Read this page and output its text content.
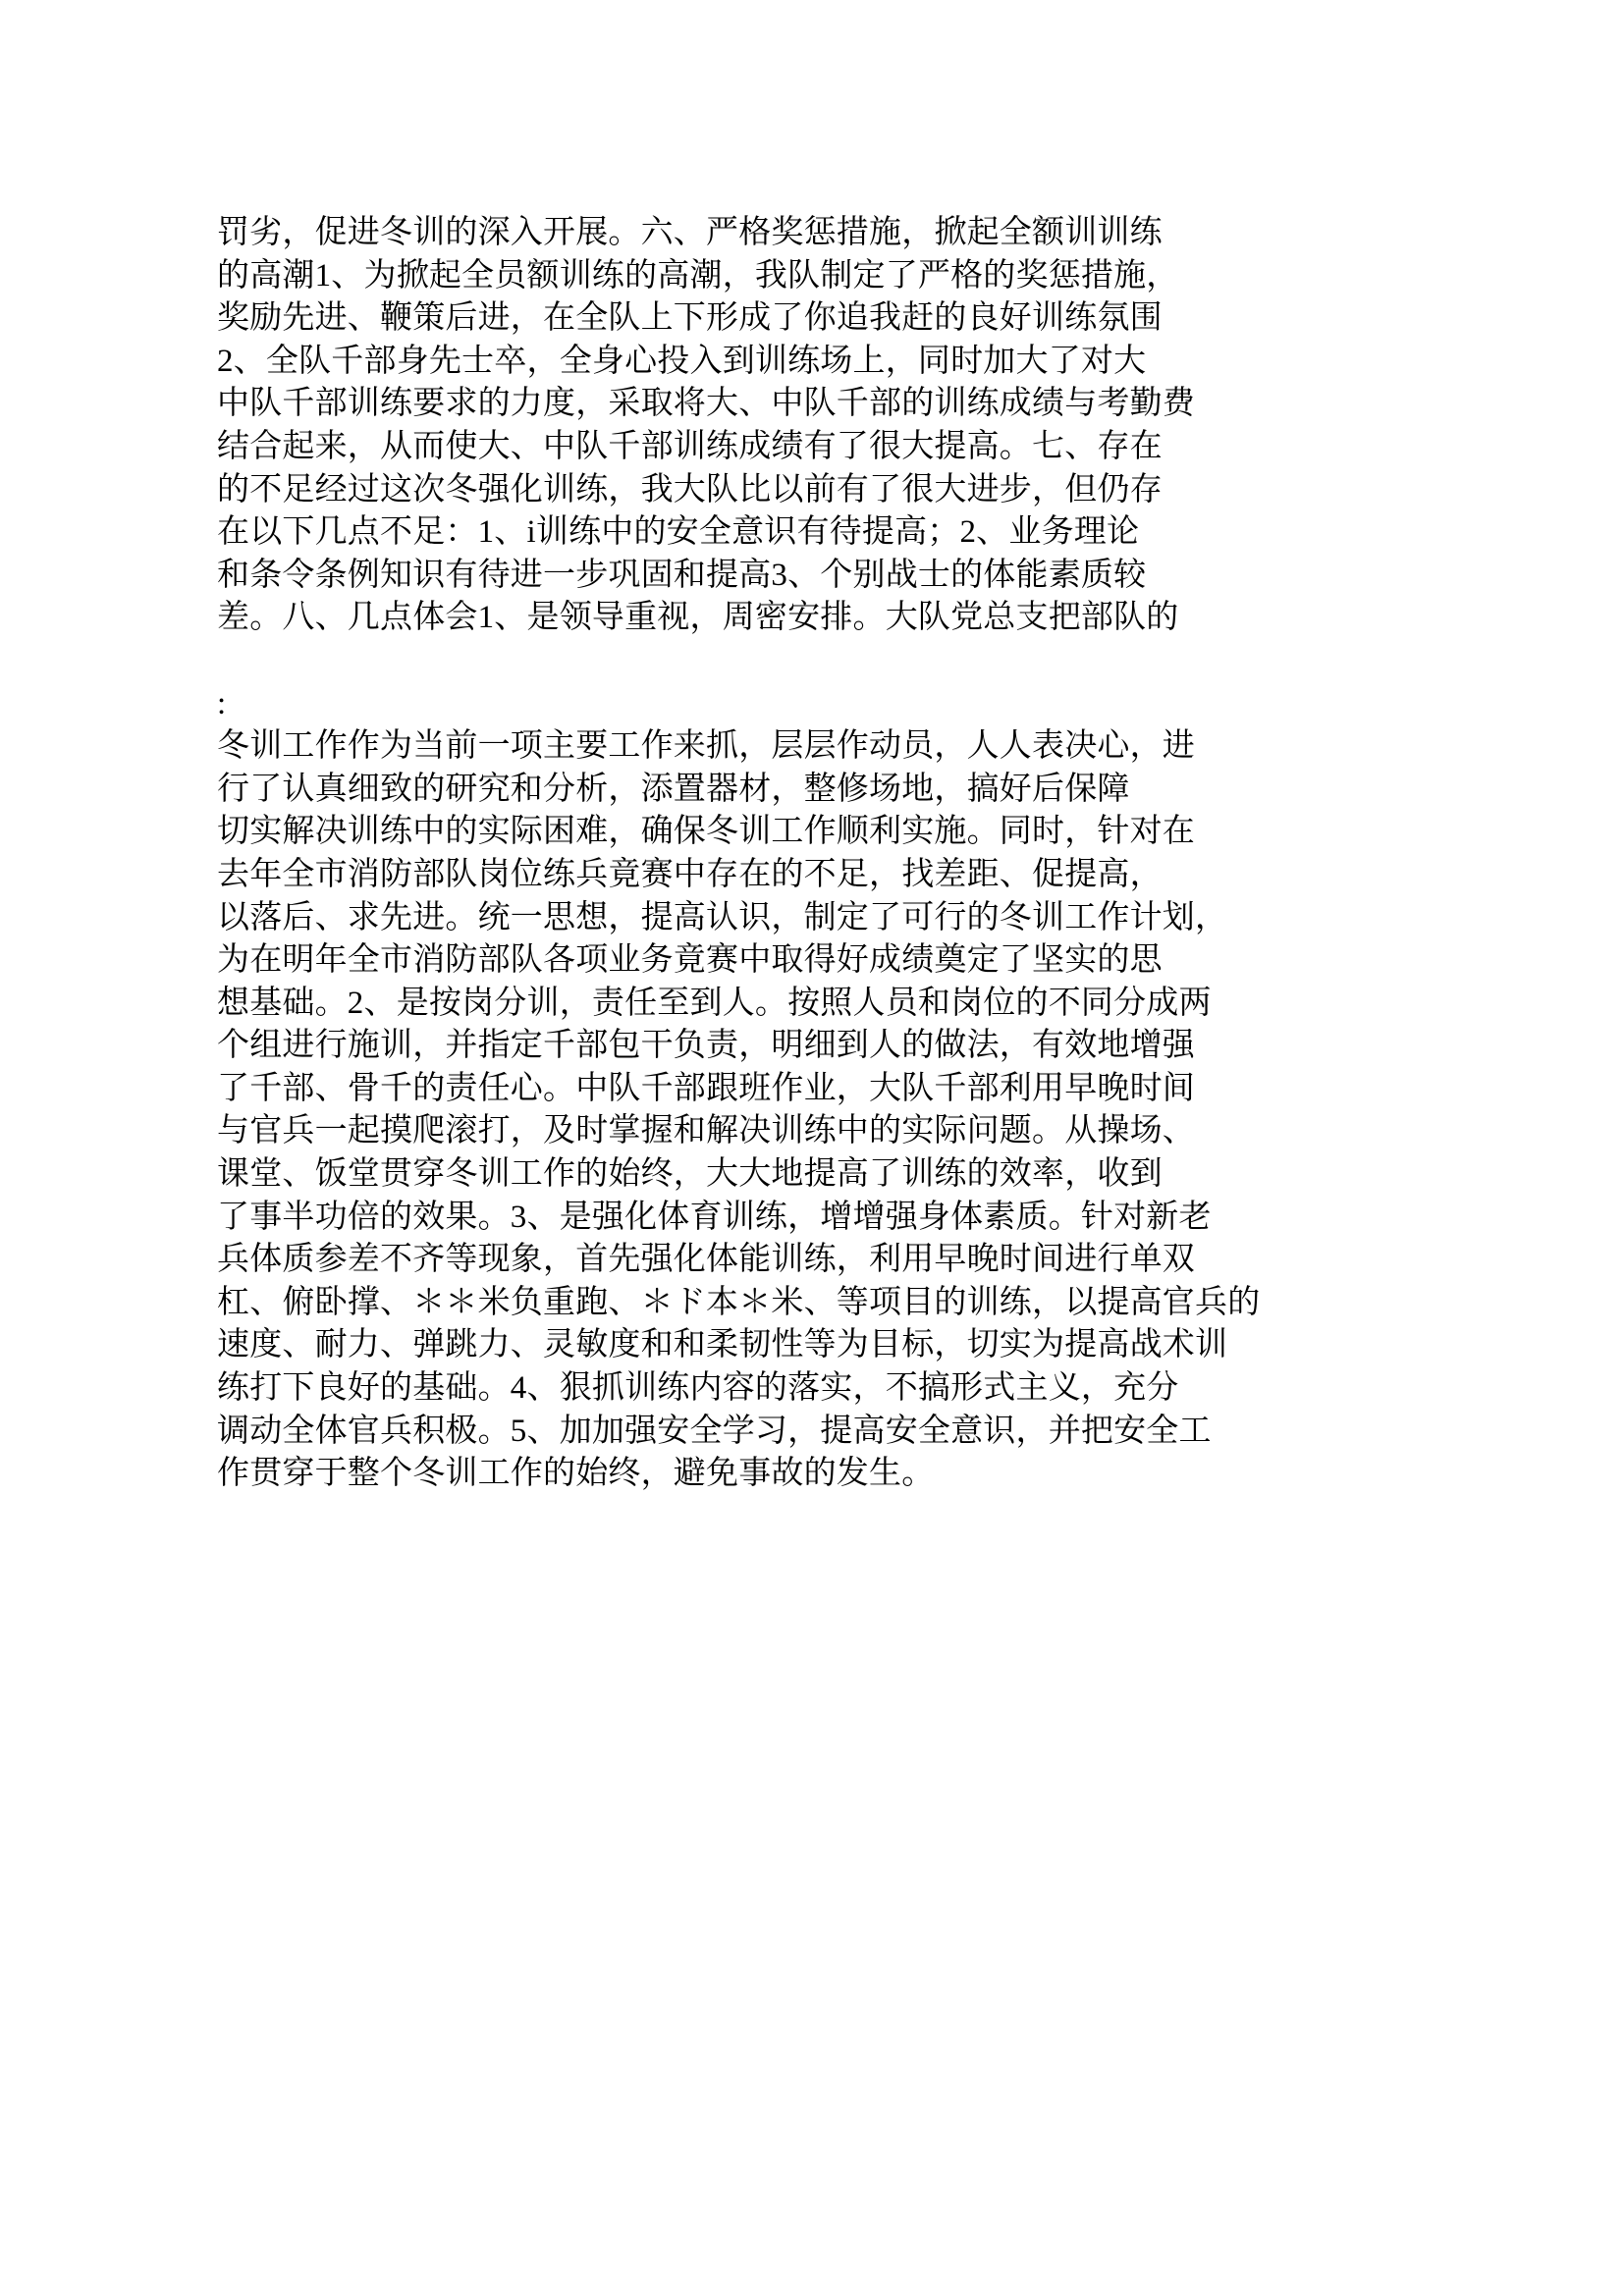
罚劣，促进冬训的深入开展。六、严格奖惩措施，掀起全额训训练
的高潮1、为掀起全员额训练的高潮，我队制定了严格的奖惩措施，
奖励先进、鞭策后进，在全队上下形成了你追我赶的良好训练氛围
2、全队千部身先士卒，全身心投入到训练场上，同时加大了对大
中队千部训练要求的力度，采取将大、中队千部的训练成绩与考勤费
结合起来，从而使大、中队千部训练成绩有了很大提高。七、存在
的不足经过这次冬强化训练，我大队比以前有了很大进步，但仍存
在以下几点不足：1、i训练中的安全意识有待提高；2、业务理论
和条令条例知识有待进一步巩固和提高3、个别战士的体能素质较
差。八、几点体会1、是领导重视，周密安排。大队党总支把部队的
:
冬训工作作为当前一项主要工作来抓，层层作动员，人人表决心，进
行了认真细致的研究和分析，添置器材，整修场地，搞好后保障
切实解决训练中的实际困难，确保冬训工作顺利实施。同时，针对在
去年全市消防部队岗位练兵竟赛中存在的不足，找差距、促提高，
以落后、求先进。统一思想，提高认识，制定了可行的冬训工作计划，
为在明年全市消防部队各项业务竟赛中取得好成绩奠定了坚实的思
想基础。2、是按岗分训，责任至到人。按照人员和岗位的不同分成两
个组进行施训，并指定千部包干负责，明细到人的做法，有效地增强
了千部、骨千的责任心。中队千部跟班作业，大队千部利用早晚时间
与官兵一起摸爬滚打，及时掌握和解决训练中的实际问题。从操场、
课堂、饭堂贯穿冬训工作的始终，大大地提高了训练的效率，收到
了事半功倍的效果。3、是强化体育训练，增增强身体素质。针对新老
兵体质参差不齐等现象，首先强化体能训练，利用早晚时间进行单双
杠、俯卧撑、＊＊米负重跑、＊ド本＊米、等项目的训练，以提高官兵的
速度、耐力、弹跳力、灵敏度和和柔韧性等为目标，切实为提高战术训
练打下良好的基础。4、狠抓训练内容的落实，不搞形式主义，充分
调动全体官兵积极。5、加加强安全学习，提高安全意识，并把安全工
作贯穿于整个冬训工作的始终，避免事故的发生。
